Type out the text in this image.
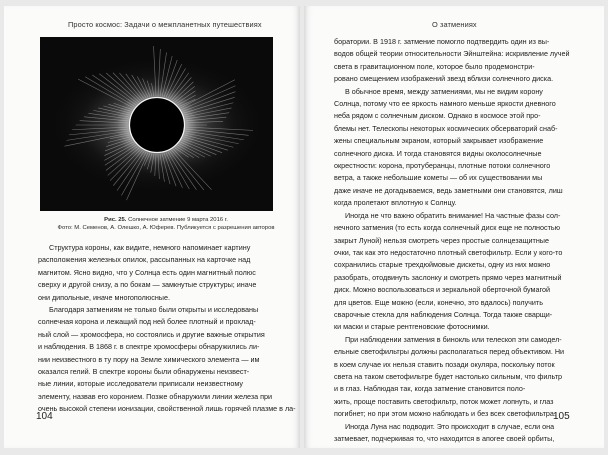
Просто космос: Задачи о межпланетных путешествиях
Рис. 25. Солнечное затмение 9 марта 2016 г.
Фото: М. Семенов, А. Олешко, А. Юферев. Публикуется с разрешения авторов
Структура короны, как видите, немного напоминает картину
расположения железных опилок, рассыпанных на карточке над
магнитом. Ясно видно, что у Солнца есть один магнитный полюс
сверху и другой снизу, а по бокам — замкнутые структуры; иначе
они дипольные, иначе многополюсные.
Благодаря затмениям не только были открыты и исследованы
солнечная корона и лежащий под ней более плотный и прохлад-
ный слой — хромосфера, но состоялись и другие важные открытия
и наблюдения. В 1868 г. в спектре хромосферы обнаружились ли-
нии неизвестного в ту пору на Земле химического элемента — им
оказался гелий. В спектре короны были обнаружены неизвест-
ные линии, которые исследователи приписали неизвестному
элементу, назвав его коронием. Позже обнаружили линии железа при
очень высокой степени ионизации, свойственной лишь горячей плазме в ла-
104
О затмениях
боратории. В 1918 г. затмение помогло подтвердить один из вы-
водов общей теории относительности Эйнштейна: искривление лучей
света в гравитационном поле, которое было продемонстри-
ровано смещением изображений звезд вблизи солнечного диска.
В обычное время, между затмениями, мы не видим корону
Солнца, потому что ее яркость намного меньше яркости дневного
неба рядом с солнечным диском. Однако в космосе этой про-
блемы нет. Телескопы некоторых космических обсерваторий снаб-
жены специальным экраном, который закрывает изображение
солнечного диска. И тогда становятся видны околосолнечные
окрестности: корона, протуберанцы, плотные потоки солнечного
ветра, а также небольшие кометы — об их существовании мы
даже иначе не догадываемся, ведь заметными они становятся, лиш
когда пролетают вплотную к Солнцу.
Иногда не что важно обратить внимание! На частные фазы сол-
нечного затмения (то есть когда солнечный диск еще не полностью
закрыт Луной) нельзя смотреть через простые солнцезащитные
очки, так как это недостаточно плотный светофильтр. Если у кого-то
сохранились старые трехдюймовые дискеты, одну из них можно
разобрать, отодвинуть заслонку и смотреть прямо через магнитный
диск. Можно воспользоваться и зеркальной оберточной бумагой
для цветов. Еще можно (если, конечно, это вдалось) получить
сварочные стекла для наблюдения Солнца. Тогда также сварщи-
ки маски и старые рентгеновские фотоснимки.
При наблюдении затмения в бинокль или телескоп эти самодел-
ельные светофильтры должны располагаться перед объективом. Ни
в коем случае их нельзя ставить позади окуляра, поскольку поток
света на таком светофильтре будет настолько сильным, что фильтр
и в глаз. Наблюдая так, когда затмение становится поло-
жить, проще поставить светофильтр, поток может лопнуть, и глаз
погибнет; но при этом можно наблюдать и без всех светофильтра.
Иногда Луна нас подводит. Это происходит в случае, если она
затмевает, подчеркивая то, что находится в апогее своей орбиты,
105
